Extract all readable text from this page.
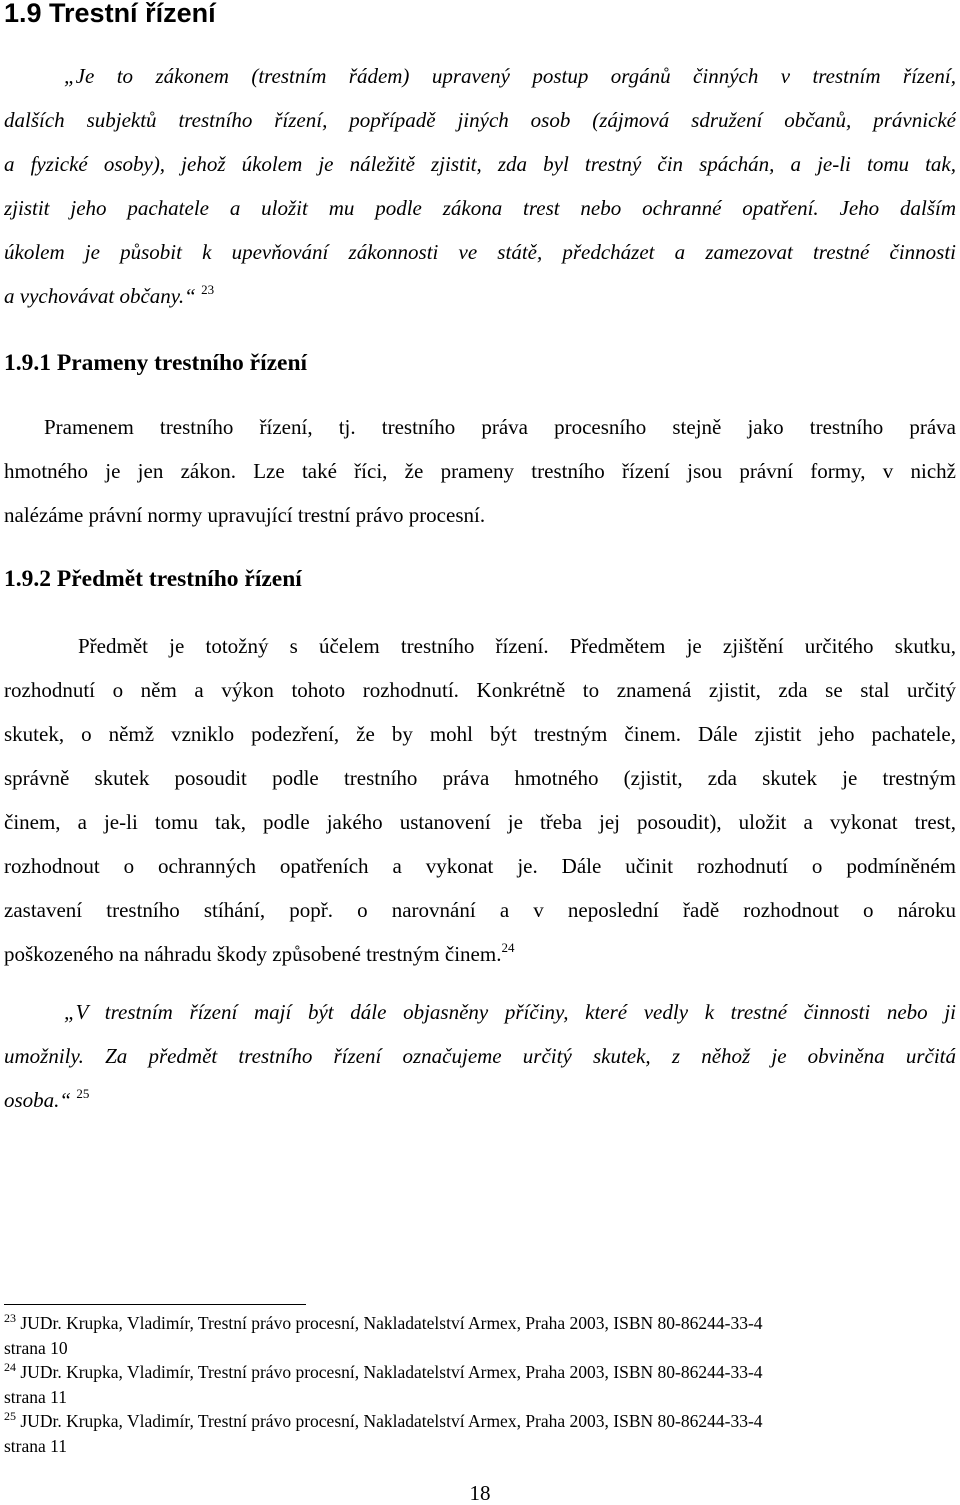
1.9 Trestní řízení
„Je to zákonem (trestním řádem) upravený postup orgánů činných v trestním řízení,
dalších subjektů trestního řízení, popřípadě jiných osob (zájmová sdružení občanů, právnické
a fyzické osoby), jehož úkolem je náležitě zjistit, zda byl trestný čin spáchán, a je-li tomu tak,
zjistit jeho pachatele a uložit mu podle zákona trest nebo ochranné opatření. Jeho dalším
úkolem je působit k upevňování zákonnosti ve státě, předcházet a zamezovat trestné činnosti
a vychovávat občany.“ $^{23}$
1.9.1 Prameny trestního řízení
Pramenem trestního řízení, tj. trestního práva procesního stejně jako trestního práva
hmotného je jen zákon. Lze také říci, že prameny trestního řízení jsou právní formy, v nichž
nalézáme právní normy upravující trestní právo procesní.
1.9.2 Předmět trestního řízení
Předmět je totožný s účelem trestního řízení. Předmětem je zjištění určitého skutku,
rozhodnutí o něm a výkon tohoto rozhodnutí. Konkrétně to znamená zjistit, zda se stal určitý
skutek, o němž vzniklo podezření, že by mohl být trestným činem. Dále zjistit jeho pachatele,
správně skutek posoudit podle trestního práva hmotného (zjistit, zda skutek je trestným
činem, a je-li tomu tak, podle jakého ustanovení je třeba jej posoudit), uložit a vykonat trest,
rozhodnout o ochranných opatřeních a vykonat je. Dále učinit rozhodnutí o podmíněném
zastavení trestního stíhání, popř. o narovnání a v neposlední řadě rozhodnout o nároku
poškozeného na náhradu škody způsobené trestným činem.$^{24}$
„V trestním řízení mají být dále objasněny příčiny, které vedly k trestné činnosti nebo ji
umožnily. Za předmět trestního řízení označujeme určitý skutek, z něhož je obviněna určitá
osoba.“ $^{25}$
$^{23}$ JUDr. Krupka, Vladimír, Trestní právo procesní, Nakladatelství Armex, Praha 2003, ISBN 80-86244-33-4
strana 10
$^{24}$ JUDr. Krupka, Vladimír, Trestní právo procesní, Nakladatelství Armex, Praha 2003, ISBN 80-86244-33-4
strana 11
$^{25}$ JUDr. Krupka, Vladimír, Trestní právo procesní, Nakladatelství Armex, Praha 2003, ISBN 80-86244-33-4
strana 11
18
